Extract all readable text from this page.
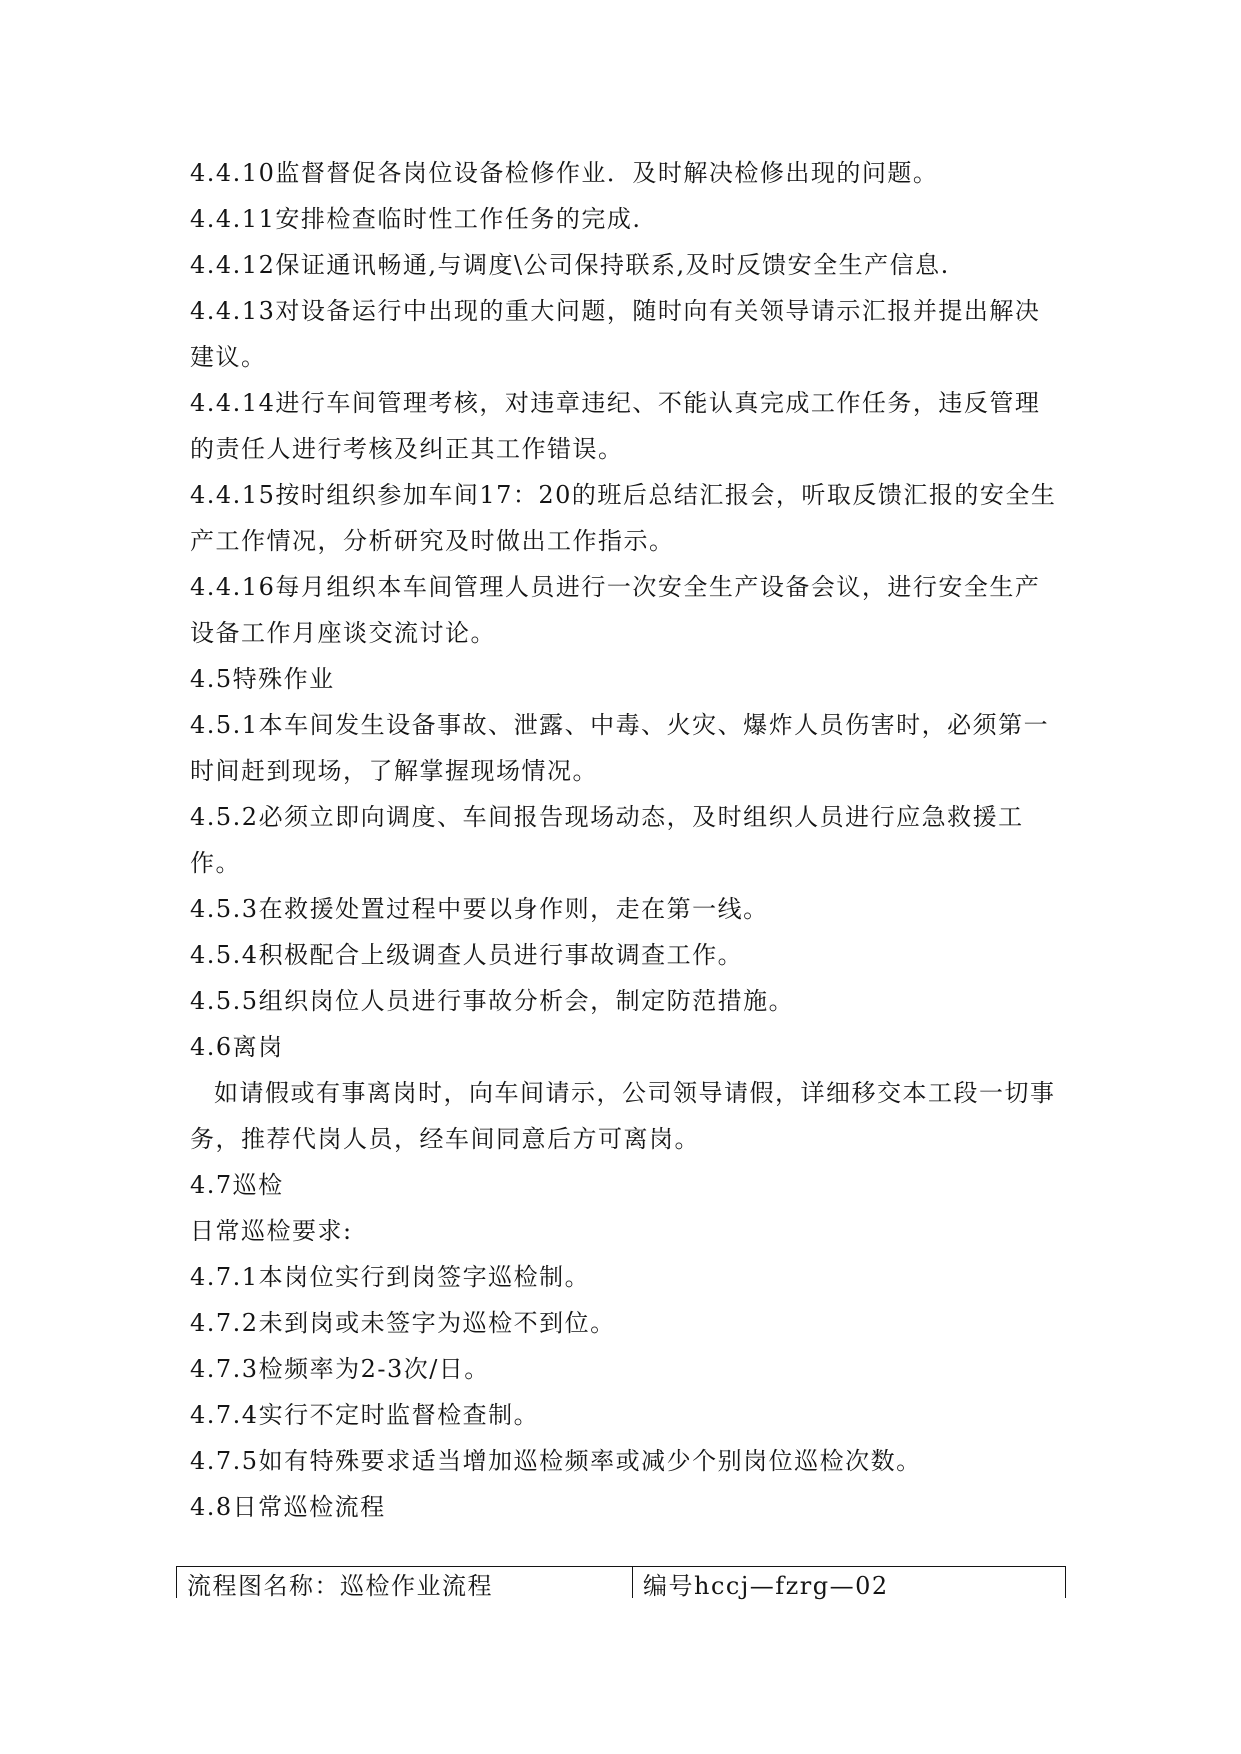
4.4.10监督督促各岗位设备检修作业．及时解决检修出现的问题。

4.4.11安排检查临时性工作任务的完成.

4.4.12保证通讯畅通,与调度\公司保持联系,及时反馈安全生产信息.

4.4.13对设备运行中出现的重大问题，随时向有关领导请示汇报并提出解决建议。

4.4.14进行车间管理考核，对违章违纪、不能认真完成工作任务，违反管理的责任人进行考核及纠正其工作错误。

4.4.15按时组织参加车间17：20的班后总结汇报会，听取反馈汇报的安全生产工作情况，分析研究及时做出工作指示。

4.4.16每月组织本车间管理人员进行一次安全生产设备会议，进行安全生产设备工作月座谈交流讨论。

4.5特殊作业

4.5.1本车间发生设备事故、泄露、中毒、火灾、爆炸人员伤害时，必须第一时间赶到现场，了解掌握现场情况。

4.5.2必须立即向调度、车间报告现场动态，及时组织人员进行应急救援工作。

4.5.3在救援处置过程中要以身作则，走在第一线。

4.5.4积极配合上级调查人员进行事故调查工作。

4.5.5组织岗位人员进行事故分析会，制定防范措施。

4.6离岗

如请假或有事离岗时，向车间请示，公司领导请假，详细移交本工段一切事务，推荐代岗人员，经车间同意后方可离岗。

4.7巡检

日常巡检要求:

4.7.1本岗位实行到岗签字巡检制。

4.7.2未到岗或未签字为巡检不到位。

4.7.3检频率为2-3次/日。

4.7.4实行不定时监督检查制。

4.7.5如有特殊要求适当增加巡检频率或减少个别岗位巡检次数。

4.8日常巡检流程

流程图名称：巡检作业流程	编号hccj—fzrg—02
